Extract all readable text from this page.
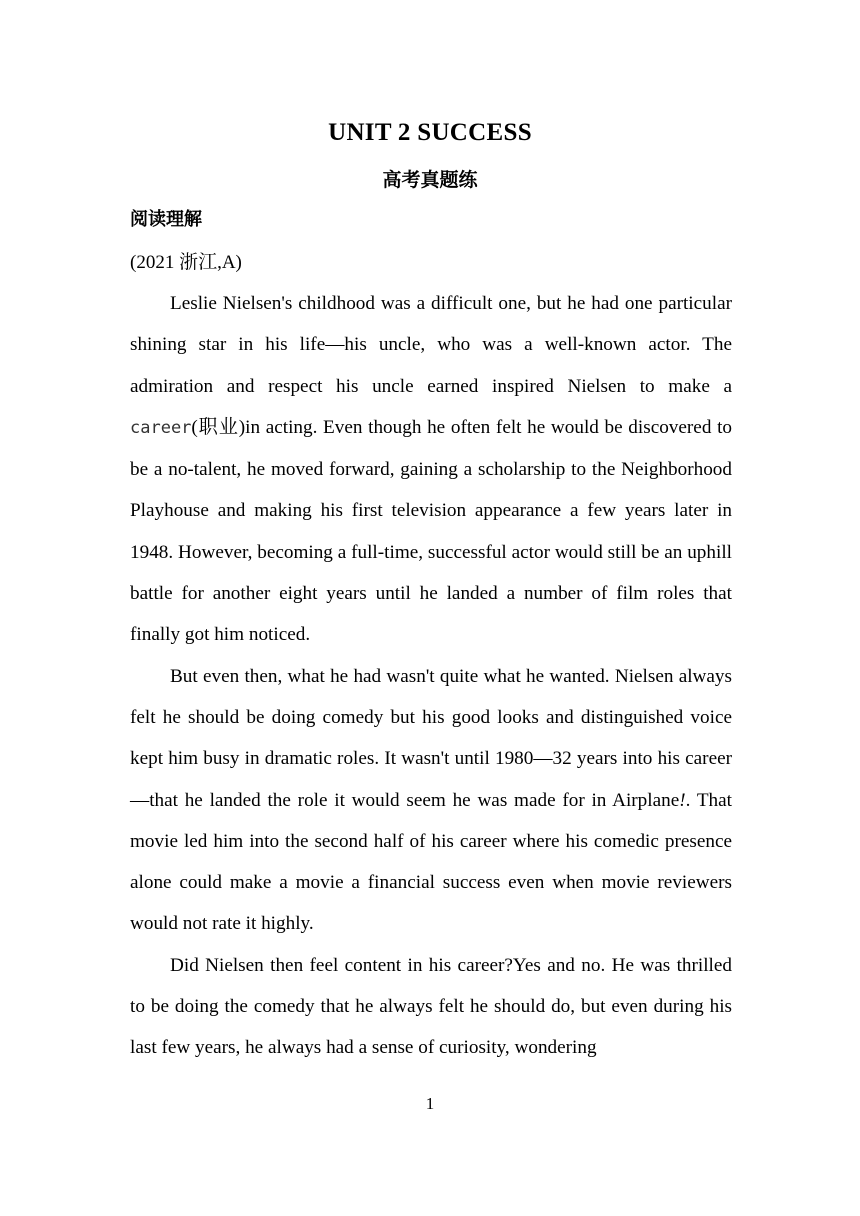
UNIT 2 SUCCESS
高考真题练
阅读理解
(2021 浙江,A)

Leslie Nielsen's childhood was a difficult one, but he had one particular shining star in his life—his uncle, who was a well-known actor. The admiration and respect his uncle earned inspired Nielsen to make a career(职业)in acting. Even though he often felt he would be discovered to be a no-talent, he moved forward, gaining a scholarship to the Neighborhood Playhouse and making his first television appearance a few years later in 1948. However, becoming a full-time, successful actor would still be an uphill battle for another eight years until he landed a number of film roles that finally got him noticed.

But even then, what he had wasn't quite what he wanted. Nielsen always felt he should be doing comedy but his good looks and distinguished voice kept him busy in dramatic roles. It wasn't until 1980—32 years into his career—that he landed the role it would seem he was made for in Airplane!. That movie led him into the second half of his career where his comedic presence alone could make a movie a financial success even when movie reviewers would not rate it highly.

Did Nielsen then feel content in his career?Yes and no. He was thrilled to be doing the comedy that he always felt he should do, but even during his last few years, he always had a sense of curiosity, wondering

1
